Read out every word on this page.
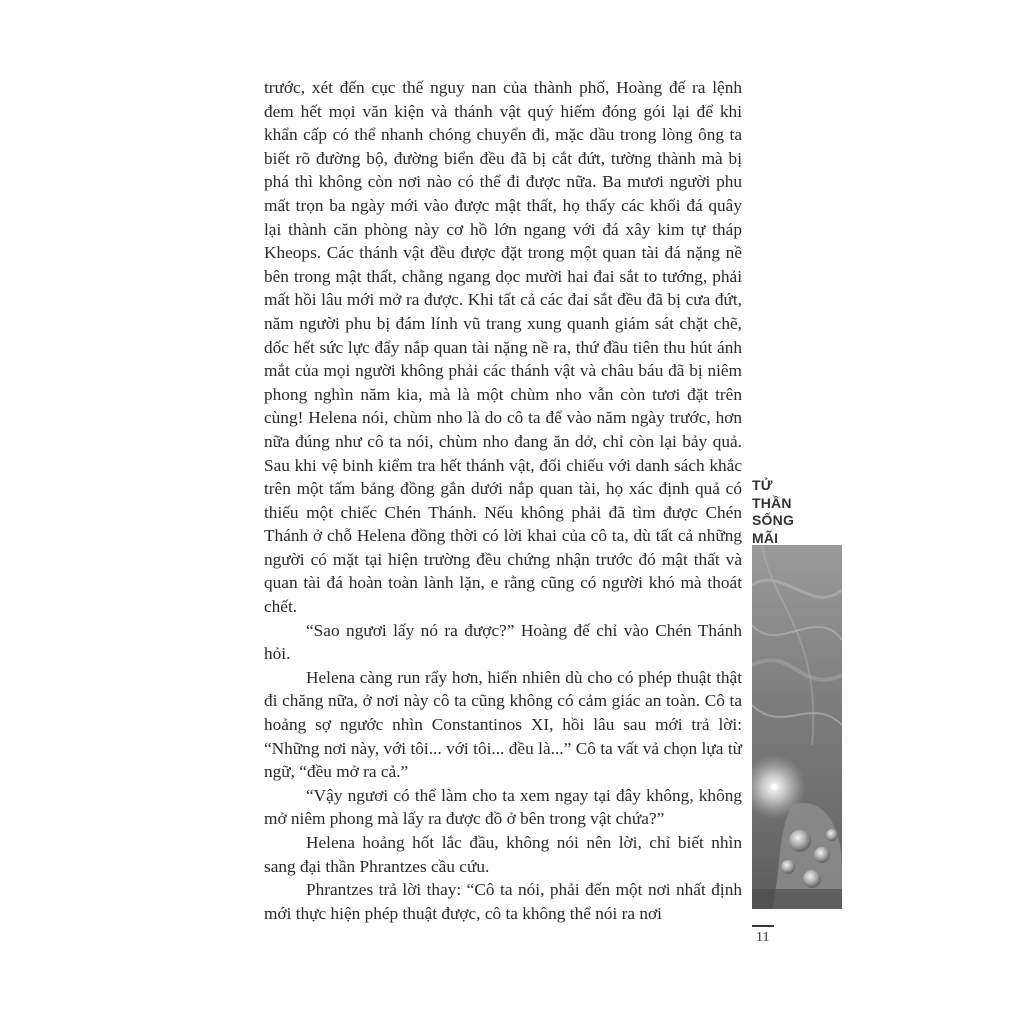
trước, xét đến cục thế nguy nan của thành phố, Hoàng đế ra lệnh đem hết mọi văn kiện và thánh vật quý hiếm đóng gói lại để khi khẩn cấp có thể nhanh chóng chuyển đi, mặc dầu trong lòng ông ta biết rõ đường bộ, đường biển đều đã bị cắt đứt, tường thành mà bị phá thì không còn nơi nào có thể đi được nữa. Ba mươi người phu mất trọn ba ngày mới vào được mật thất, họ thấy các khối đá quây lại thành căn phòng này cơ hồ lớn ngang với đá xây kim tự tháp Kheops. Các thánh vật đều được đặt trong một quan tài đá nặng nề bên trong mật thất, chằng ngang dọc mười hai đai sắt to tướng, phải mất hồi lâu mới mở ra được. Khi tất cả các đai sắt đều đã bị cưa đứt, năm người phu bị đám lính vũ trang xung quanh giám sát chặt chẽ, dốc hết sức lực đẩy nắp quan tài nặng nề ra, thứ đầu tiên thu hút ánh mắt của mọi người không phải các thánh vật và châu báu đã bị niêm phong nghìn năm kia, mà là một chùm nho vẫn còn tươi đặt trên cùng! Helena nói, chùm nho là do cô ta để vào năm ngày trước, hơn nữa đúng như cô ta nói, chùm nho đang ăn dở, chỉ còn lại bảy quả. Sau khi vệ binh kiểm tra hết thánh vật, đối chiếu với danh sách khắc trên một tấm bảng đồng gắn dưới nắp quan tài, họ xác định quả có thiếu một chiếc Chén Thánh. Nếu không phải đã tìm được Chén Thánh ở chỗ Helena đồng thời có lời khai của cô ta, dù tất cả những người có mặt tại hiện trường đều chứng nhận trước đó mật thất và quan tài đá hoàn toàn lành lặn, e rằng cũng có người khó mà thoát chết.

“Sao ngươi lấy nó ra được?” Hoàng đế chỉ vào Chén Thánh hỏi.

Helena càng run rẩy hơn, hiển nhiên dù cho có phép thuật thật đi chăng nữa, ở nơi này cô ta cũng không có cảm giác an toàn. Cô ta hoảng sợ ngước nhìn Constantinos XI, hồi lâu sau mới trả lời: “Những nơi này, với tôi... với tôi... đều là...” Cô ta vất vả chọn lựa từ ngữ, “đều mở ra cả.”

“Vậy ngươi có thể làm cho ta xem ngay tại đây không, không mở niêm phong mà lấy ra được đồ ở bên trong vật chứa?”

Helena hoảng hốt lắc đầu, không nói nên lời, chỉ biết nhìn sang đại thần Phrantzes cầu cứu.

Phrantzes trả lời thay: “Cô ta nói, phải đến một nơi nhất định mới thực hiện phép thuật được, cô ta không thể nói ra nơi

TỬ
THẦN
SỐNG
MÃI
11
